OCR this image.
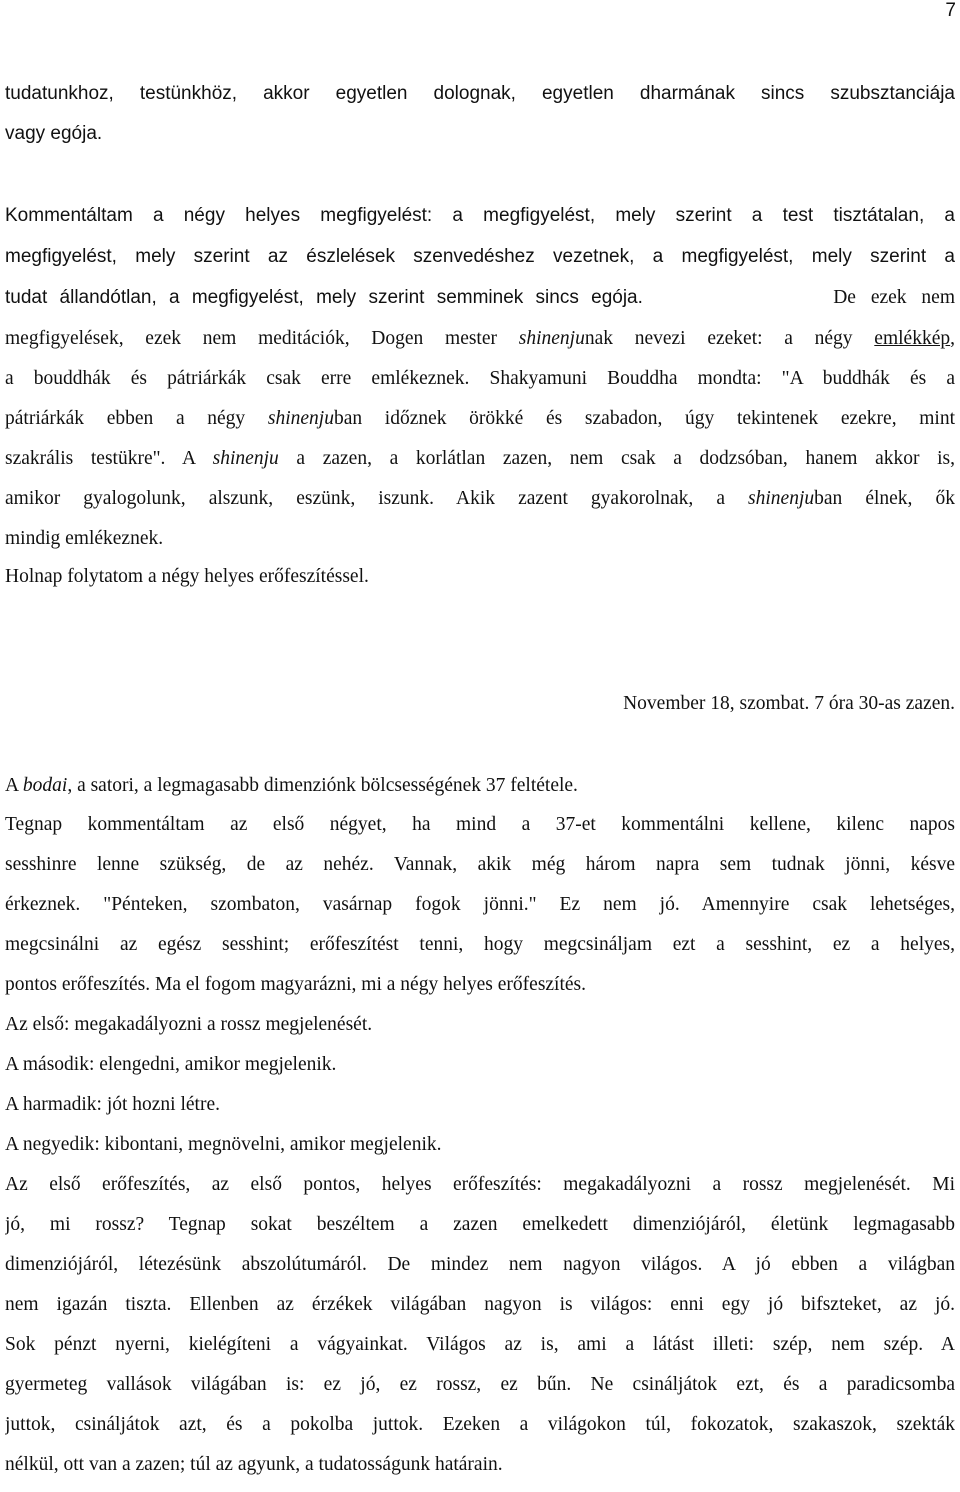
7
tudatunkhoz, testünkhöz, akkor egyetlen dolognak, egyetlen dharmának sincs szubsztanciája
vagy egója.
Kommentáltam a négy helyes megfigyelést: a megfigyelést, mely szerint a test tisztátalan, a
megfigyelést, mely szerint az észlelések szenvedéshez vezetnek, a megfigyelést, mely szerint a
tudat állandótlan, a megfigyelést, mely szerint semminek sincs egója.	De ezek nem
megfigyelések, ezek nem meditációk, Dogen mester shinenjunak nevezi ezeket: a négy emlékkép,
a bouddhák és pátriárkák csak erre emlékeznek. Shakyamuni Bouddha mondta: "A buddhák és a
pátriárkák ebben a négy shinenjuban időznek örökké és szabadon, úgy tekintenek ezekre, mint
szakrális testükre". A shinenju a zazen, a korlátlan zazen, nem csak a dodzsóban, hanem akkor is,
amikor gyalogolunk, alszunk, eszünk, iszunk. Akik zazent gyakorolnak, a shinenjuban élnek, ők
mindig emlékeznek.
Holnap folytatom a négy helyes erőfeszítéssel.
November 18, szombat. 7 óra 30-as zazen.
A bodai, a satori, a legmagasabb dimenziónk bölcsességének 37 feltétele.
Tegnap kommentáltam az első négyet, ha mind a 37-et kommentálni kellene, kilenc napos
sesshinre lenne szükség, de az nehéz. Vannak, akik még három napra sem tudnak jönni, késve
érkeznek. "Pénteken, szombaton, vasárnap fogok jönni." Ez nem jó. Amennyire csak lehetséges,
megcsinálni az egész sesshint; erőfeszítést tenni, hogy megcsináljam ezt a sesshint, ez a helyes,
pontos erőfeszítés. Ma el fogom magyarázni, mi a négy helyes erőfeszítés.
Az első: megakadályozni a rossz megjelenését.
A második: elengedni, amikor megjelenik.
A harmadik: jót hozni létre.
A negyedik: kibontani, megnövelni, amikor megjelenik.
Az első erőfeszítés, az első pontos, helyes erőfeszítés: megakadályozni a rossz megjelenését. Mi
jó, mi rossz? Tegnap sokat beszéltem a zazen emelkedett dimenziójáról, életünk legmagasabb
dimenziójáról, létezésünk abszolútumáról. De mindez nem nagyon világos. A jó ebben a világban
nem igazán tiszta. Ellenben az érzékek világában nagyon is világos: enni egy jó bifszteket, az jó.
Sok pénzt nyerni, kielégíteni a vágyainkat. Világos az is, ami a látást illeti: szép, nem szép. A
gyermeteg vallások világában is: ez jó, ez rossz, ez bűn. Ne csináljátok ezt, és a paradicsomba
juttok, csináljátok azt, és a pokolba juttok. Ezeken a világokon túl, fokozatok, szakaszok, szekták
nélkül, ott van a zazen; túl az agyunk, a tudatosságunk határain.
